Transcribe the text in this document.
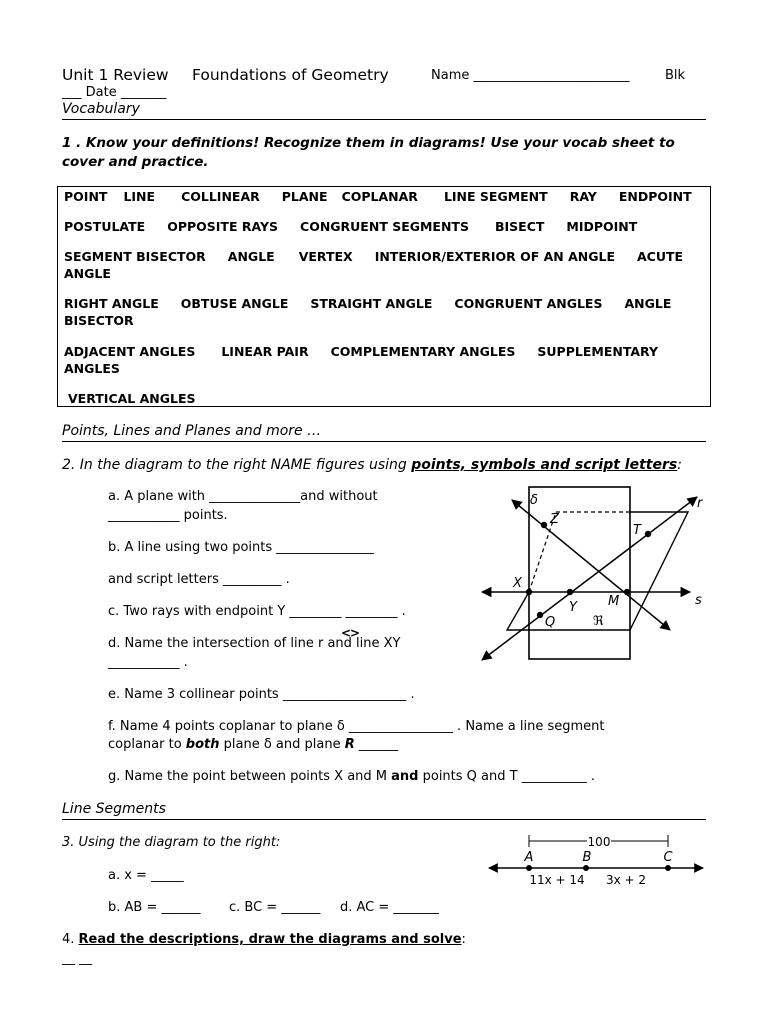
Unit 1 Review Foundations of Geometry	Name ________________________	Blk
___ Date _______
Vocabulary
1 . Know your definitions! Recognize them in diagrams! Use your vocab sheet to
cover and practice.
POINT LINE COLLINEAR PLANE COPLANAR LINE SEGMENT RAY ENDPOINT
POSTULATE OPPOSITE RAYS CONGRUENT SEGMENTS BISECT MIDPOINT
SEGMENT BISECTOR ANGLE VERTEX INTERIOR/EXTERIOR OF AN ANGLE ACUTE ANGLE
RIGHT ANGLE OBTUSE ANGLE STRAIGHT ANGLE CONGRUENT ANGLES ANGLE BISECTOR
ADJACENT ANGLES LINEAR PAIR COMPLEMENTARY ANGLES SUPPLEMENTARY ANGLES
VERTICAL ANGLES
Points, Lines and Planes and more …
2. In the diagram to the right NAME figures using points, symbols and script letters:
a. A plane with ______________and without
___________ points.
b. A line using two points _______________
and script letters _________ .
c. Two rays with endpoint Y ________ ________ .
d. Name the intersection of line r and line XY
<>
___________ .
e. Name 3 collinear points ___________________ .
f. Name 4 points coplanar to plane δ ________________ . Name a line segment
coplanar to both plane δ and plane R ______
g. Name the point between points X and M and points Q and T __________ .
δ	r
Z
T
X
Y M	s
Q	ℜ
Line Segments
3. Using the diagram to the right:
a. x = _____
b. AB = ______ c. BC = ______ d. AC = _______
100
A	B	C
11x + 14 3x + 2
4. Read the descriptions, draw the diagrams and solve:
__ __
